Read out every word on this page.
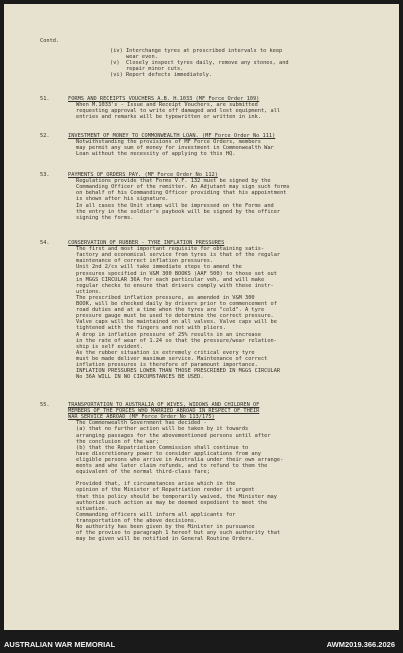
Contd.
(iv) Interchange tyres at prescribed intervals to keep
wear even.
(v)  Closely inspect tyres daily, remove any stones, and
repair minor cuts.
(vi) Report defects immediately.
51.	FORMS AND RECEIPTS VOUCHERS A.B. H.1033 (MF Force Order 109)
When M.1033's - Issue and Receipt Vouchers, are submitted
requesting approval to write off damaged and lost equipment, all
entries and remarks will be typewritten or written in ink.
52.	INVESTMENT OF MONEY TO COMMONWEALTH LOAN. (MF Force Order No 111)
Notwithstanding the provisions of MF Force Orders, members
may permit any sum of money for investment in Commonwealth War
Loan without the necessity of applying to this HQ.
53.	PAYMENTS OF ORDERS PAY. (MF Force Order No 112)
Regulations provide that Forms V.F. 132 must be signed by the
Commanding Officer of the remitter. An Adjutant may sign such forms
on behalf of his Commanding Officer providing that his appointment
is shown after his signature.
In all cases the Unit stamp will be impressed on the Forms and
the entry in the soldier's paybook will be signed by the officer
signing the forms.
54.	CONSERVATION OF RUBBER - TYRE INFLATION PRESSURES
The first and most important requisite for obtaining satis-
factory and economical service from tyres is that of the regular
maintenance of correct inflation pressures.
Unit 2nd 2/cs will take immediate steps to amend the
pressures specified in V&M 300 BOOKS (AAF 500) to those set out
in MGGS CIRCULAR 36A for each particular veh, and will make
regular checks to ensure that drivers comply with these instr-
uctions.
The prescribed inflation pressure, as amended in V&M 300
BOOK, will be checked daily by drivers prior to commencement of
road duties and at a time when the tyres are "cold". A tyre
pressure gauge must be used to determine the correct pressure.
Valve caps will be maintained on all valves. Valve caps will be
tightened with the fingers and not with pliers.
A drop in inflation pressure of 25% results in an increase
in the rate of wear of 1.24 so that the pressure/wear relation-
ship is self evident.
As the rubber situation is extremely critical every tyre
must be made deliver maximum service. Maintenance of correct
inflation pressures is therefore of paramount importance.
INFLATION PRESSURES LOWER THAN THOSE PRESCRIBED IN MGGS CIRCULAR
No 36A WILL IN NO CIRCUMSTANCES BE USED.
55.	TRANSPORTATION TO AUSTRALIA OF WIVES, WIDOWS AND CHILDREN OF
MEMBERS OF THE FORCES WHO MARRIED ABROAD IN RESPECT OF THEIR
WAR SERVICE ABROAD (MF Force Order No 113/175)
The Commonwealth Government has decided -
(a) that no further action will be taken by it towards
arranging passages for the abovementioned persons until after
the conclusion of the war;
(b) that the Repatriation Commission shall continue to
have discretionary power to consider applications from any
eligible persons who arrive in Australia under their own arrange-
ments and who later claim refunds, and to refund to them the
equivalent of the normal third-class fare;
Provided that, if circumstances arise which in the
opinion of the Minister of Repatriation render it urgent
that this policy should be temporarily waived, the Minister may
authorize such action as may be deemed expedient to meet the
situation.
Commanding officers will inform all applicants for
transportation of the above decisions.
No authority has been given by the Minister in pursuance
of the proviso to paragraph 1 hereof but any such authority that
may be given will be notified in General Routine Orders.
AUSTRALIAN WAR MEMORIAL	AWM2019.366.2026
